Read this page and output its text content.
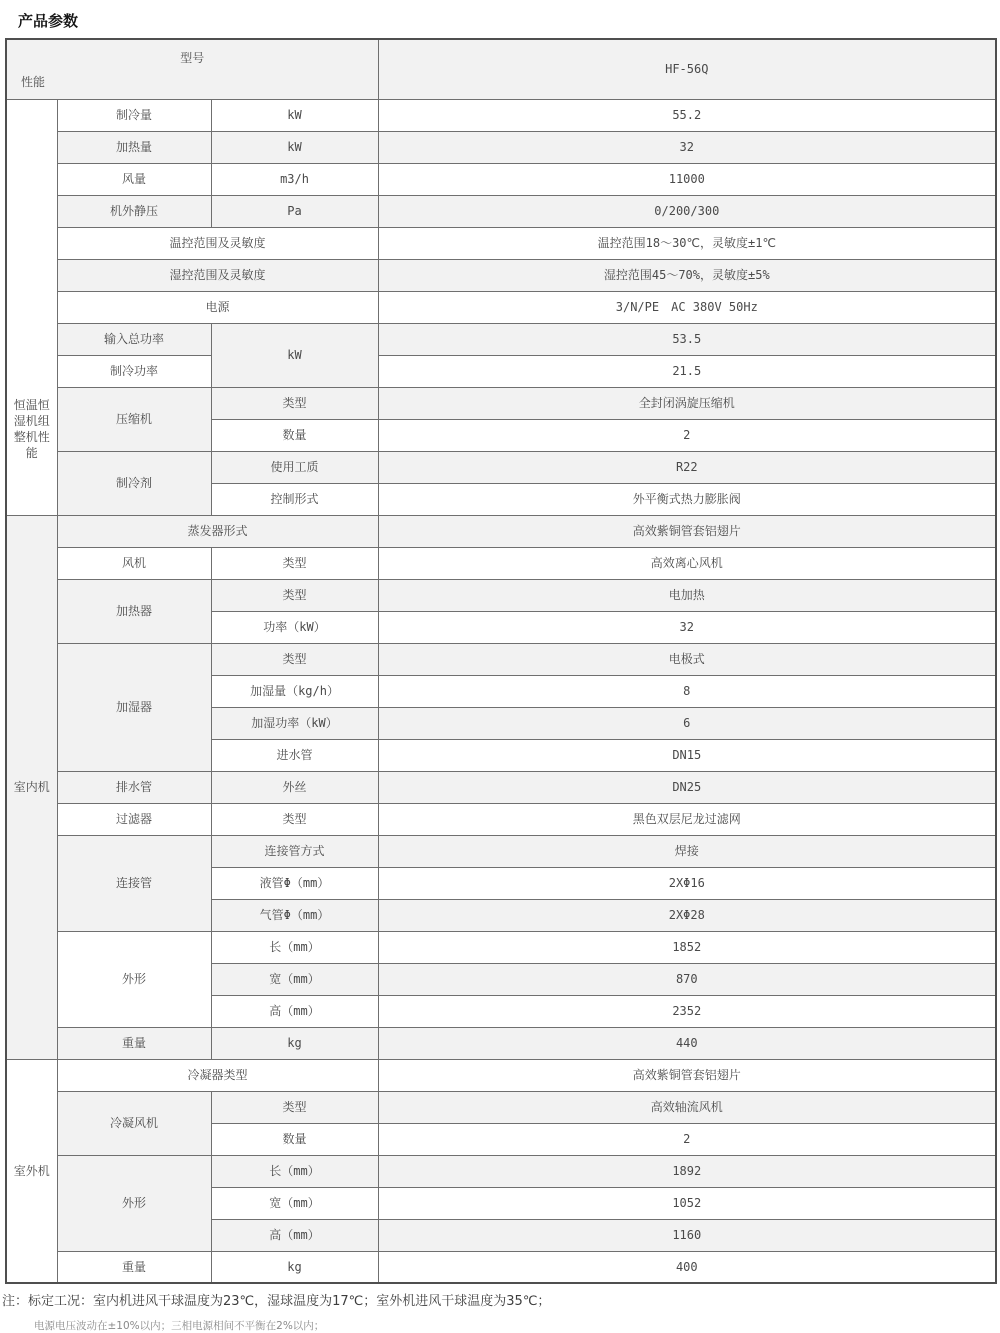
产品参数
型号
性能			HF-56Q
恒温恒湿机组整机性能	制冷量	kW	55.2
	加热量	kW	32
	风量	m3/h	11000
	机外静压	Pa	0/200/300
	温控范围及灵敏度		温控范围18～30℃，灵敏度±1℃
	湿控范围及灵敏度		湿控范围45～70%，灵敏度±5%
	电源		3/N/PE　AC 380V 50Hz
	输入总功率	kW	53.5
	制冷功率		21.5
	压缩机	类型	全封闭涡旋压缩机
		数量	2
	制冷剂	使用工质	R22
		控制形式	外平衡式热力膨胀阀
室内机	蒸发器形式		高效紫铜管套铝翅片
	风机	类型	高效离心风机
	加热器	类型	电加热
		功率（kW）	32
	加湿器	类型	电极式
		加湿量（kg/h）	8
		加湿功率（kW）	6
		进水管	DN15
	排水管	外丝	DN25
	过滤器	类型	黑色双层尼龙过滤网
	连接管	连接管方式	焊接
		液管Φ（mm）	2XΦ16
		气管Φ（mm）	2XΦ28
	外形	长（mm）	1852
		宽（mm）	870
		高（mm）	2352
	重量	kg	440
室外机	冷凝器类型		高效紫铜管套铝翅片
	冷凝风机	类型	高效轴流风机
		数量	2
	外形	长（mm）	1892
		宽（mm）	1052
		高（mm）	1160
	重量	kg	400

注：标定工况：室内机进风干球温度为23℃，湿球温度为17℃；室外机进风干球温度为35℃；

电源电压波动在±10%以内；三相电源相间不平衡在2%以内；
